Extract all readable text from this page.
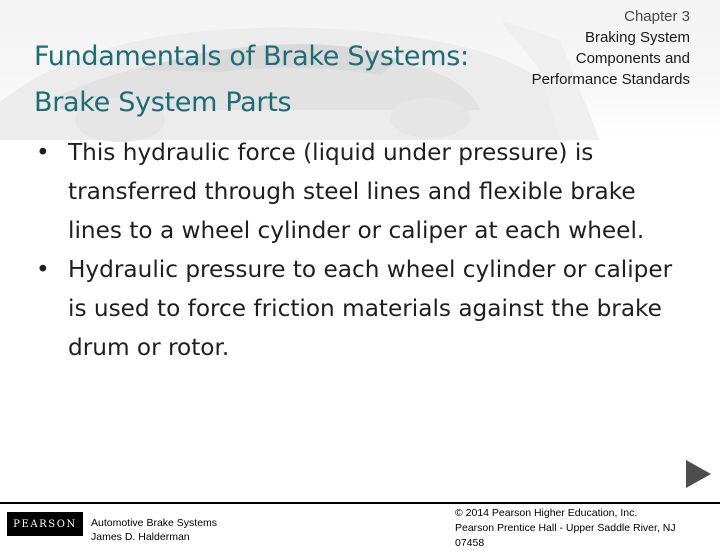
Chapter 3
Braking System
Components and
Performance Standards
Fundamentals of Brake Systems:
Brake System Parts
• This hydraulic force (liquid under pressure) is transferred through steel lines and flexible brake lines to a wheel cylinder or caliper at each wheel.
• Hydraulic pressure to each wheel cylinder or caliper is used to force friction materials against the brake drum or rotor.
PEARSON Automotive Brake Systems
James D. Halderman
© 2014 Pearson Higher Education, Inc.
Pearson Prentice Hall - Upper Saddle River, NJ
07458
